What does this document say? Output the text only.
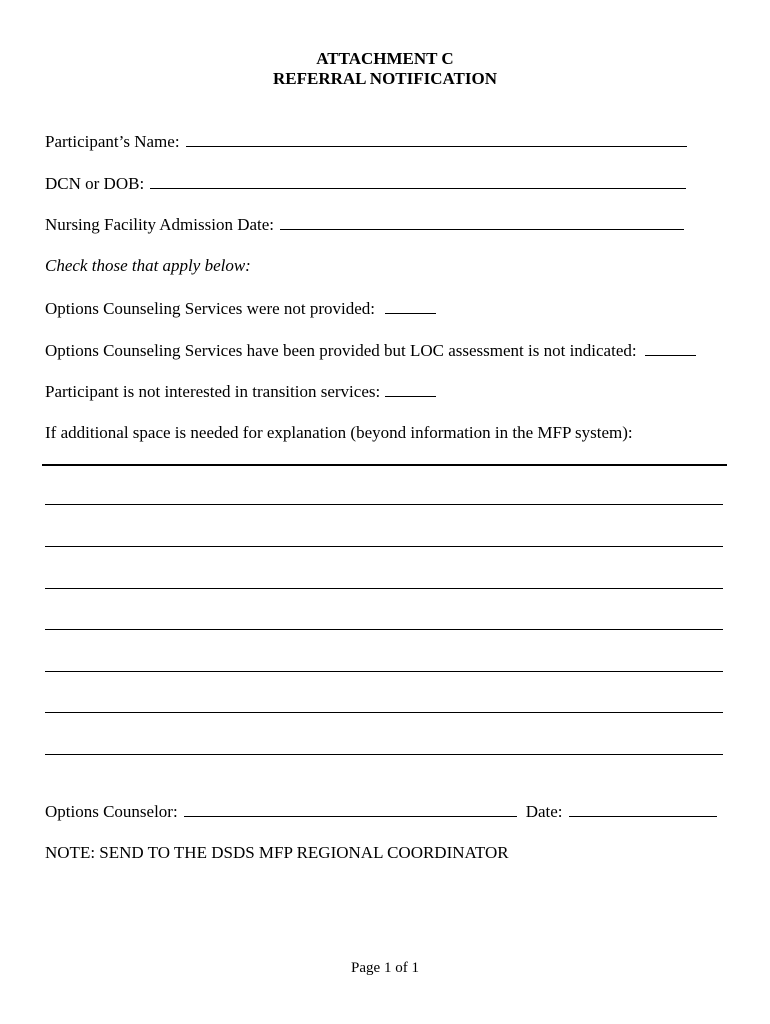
ATTACHMENT C
REFERRAL NOTIFICATION
Participant’s Name:
DCN or DOB:
Nursing Facility Admission Date:
Check those that apply below:
Options Counseling Services were not provided:
Options Counseling Services have been provided but LOC assessment is not indicated:
Participant is not interested in transition services:
If additional space is needed for explanation (beyond information in the MFP system):
Options Counselor:	Date:
NOTE: SEND TO THE DSDS MFP REGIONAL COORDINATOR
Page 1 of 1
